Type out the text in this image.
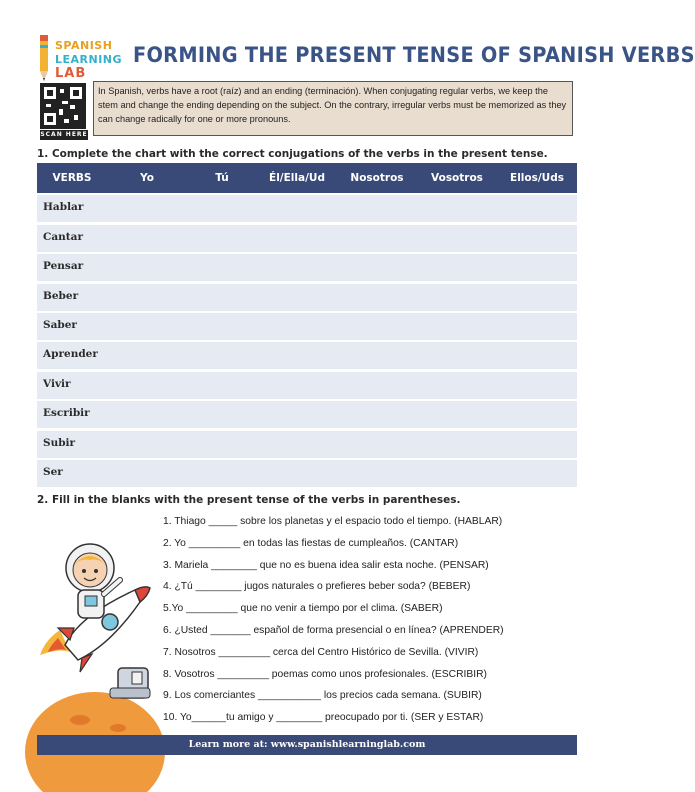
SPANISH
LEARNING
LAB
FORMING THE PRESENT TENSE OF SPANISH VERBS
SCAN HERE
In Spanish, verbs have a root (raíz) and an ending (terminación). When conjugating regular verbs, we keep the stem and change the ending depending on the subject. On the contrary, irregular verbs must be memorized as they can change radically for one or more pronouns.
1. Complete the chart with the correct conjugations of the verbs in the present tense.
VERBS	Yo	Tú	Él/Ella/Ud	Nosotros	Vosotros	Ellos/Uds
Hablar
Cantar
Pensar
Beber
Saber
Aprender
Vivir
Escribir
Subir
Ser
2. Fill in the blanks with the present tense of the verbs in parentheses.
1. Thiago _____ sobre los planetas y el espacio todo el tiempo. (HABLAR)
2. Yo _________ en todas las fiestas de cumpleaños. (CANTAR)
3. Mariela ________ que no es buena idea salir esta noche. (PENSAR)
4. ¿Tú ________ jugos naturales o prefieres beber soda? (BEBER)
5.Yo _________ que no venir a tiempo por el clima. (SABER)
6. ¿Usted _______ español de forma presencial o en línea? (APRENDER)
7. Nosotros _________ cerca del Centro Histórico de Sevilla. (VIVIR)
8. Vosotros _________ poemas como unos profesionales. (ESCRIBIR)
9. Los comerciantes ___________ los precios cada semana. (SUBIR)
10. Yo______tu amigo y ________ preocupado por ti. (SER y ESTAR)
Learn more at: www.spanishlearninglab.com
